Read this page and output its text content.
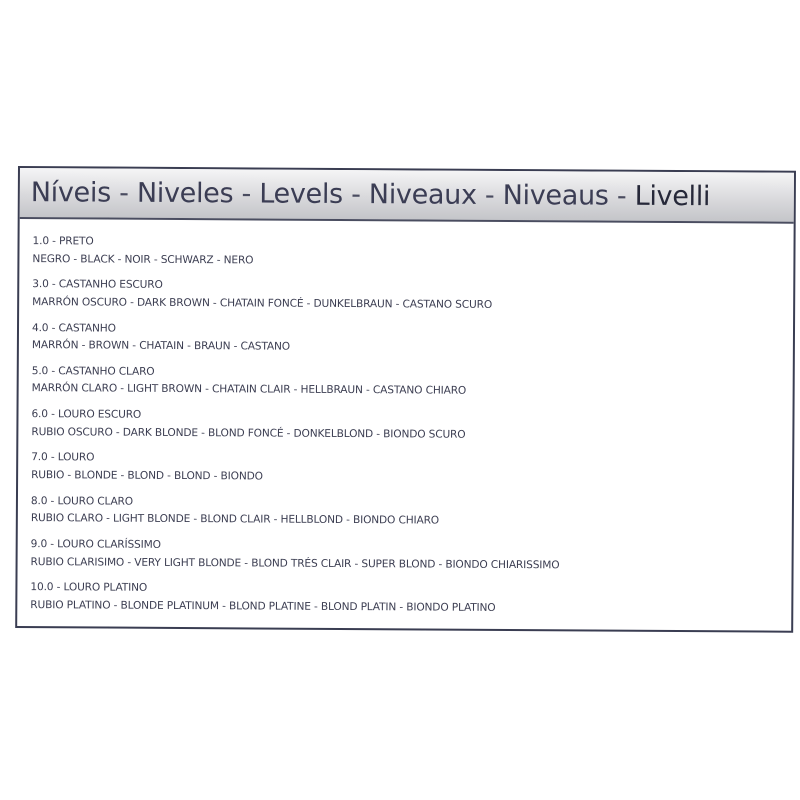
Níveis - Niveles - Levels - Niveaux - Niveaus - Livelli
1.0 - PRETO
NEGRO - BLACK - NOIR - SCHWARZ - NERO
3.0 - CASTANHO ESCURO
MARRÓN OSCURO - DARK BROWN - CHATAIN FONCÉ - DUNKELBRAUN - CASTANO SCURO
4.0 - CASTANHO
MARRÓN - BROWN - CHATAIN - BRAUN - CASTANO
5.0 - CASTANHO CLARO
MARRÓN CLARO - LIGHT BROWN - CHATAIN CLAIR - HELLBRAUN - CASTANO CHIARO
6.0 - LOURO ESCURO
RUBIO OSCURO - DARK BLONDE - BLOND FONCÉ - DONKELBLOND - BIONDO SCURO
7.0 - LOURO
RUBIO - BLONDE - BLOND - BLOND - BIONDO
8.0 - LOURO CLARO
RUBIO CLARO - LIGHT BLONDE - BLOND CLAIR - HELLBLOND - BIONDO CHIARO
9.0 - LOURO CLARÍSSIMO
RUBIO CLARISIMO - VERY LIGHT BLONDE - BLOND TRÉS CLAIR - SUPER BLOND - BIONDO CHIARISSIMO
10.0 - LOURO PLATINO
RUBIO PLATINO - BLONDE PLATINUM - BLOND PLATINE - BLOND PLATIN - BIONDO PLATINO
